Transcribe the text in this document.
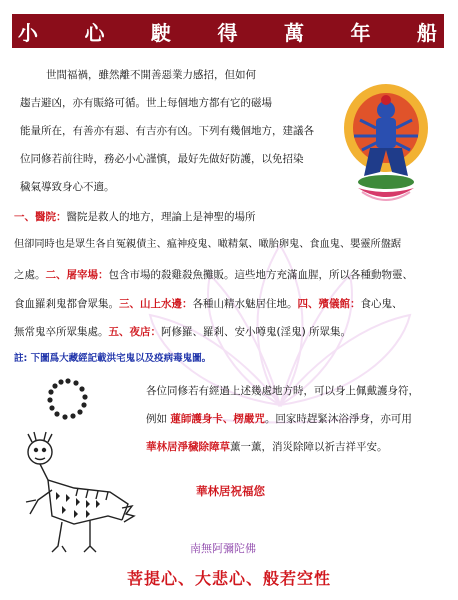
小 心 駛 得 萬 年 船
世間福禍，雖然離不開善惡業力感招，但如何
趨吉避凶，亦有賑絡可循。世上每個地方都有它的磁場
能量所在，有善亦有惡、有吉亦有凶。下列有幾個地方，建議各
位同修若前往時，務必小心謹慎，最好先做好防護，以免招染
穢氣導致身心不適。
一、醫院：醫院是救人的地方，理論上是神聖的場所
但卻同時也是眾生各自冤親債主、瘟神疫鬼、噉精氣、噉胎卵鬼、食血鬼、嬰靈所盤踞
之處。二、屠宰場：包含市場的殺雞殺魚攤販。這些地方充滿血腥，所以各種動物靈、
食血羅剎鬼都會眾集。三、山上水邊：各種山精水魅居住地。四、殯儀館：食心鬼、
無常鬼卒所眾集處。五、夜店：阿修羅、羅剎、安小噂鬼(淫鬼) 所眾集。
註: 下圖爲大藏經記載洪宅鬼以及疫病毒鬼圖。
各位同修若有經過上述幾處地方時，可以身上佩戴護身符，
例如 蓮師護身卡、楞嚴咒。回家時趕緊沐浴淨身，亦可用
華林居淨穢除障草薰一薰，消災除障以祈吉祥平安。
華林居祝福您
南無阿彌陀佛
菩提心、大悲心、般若空性
